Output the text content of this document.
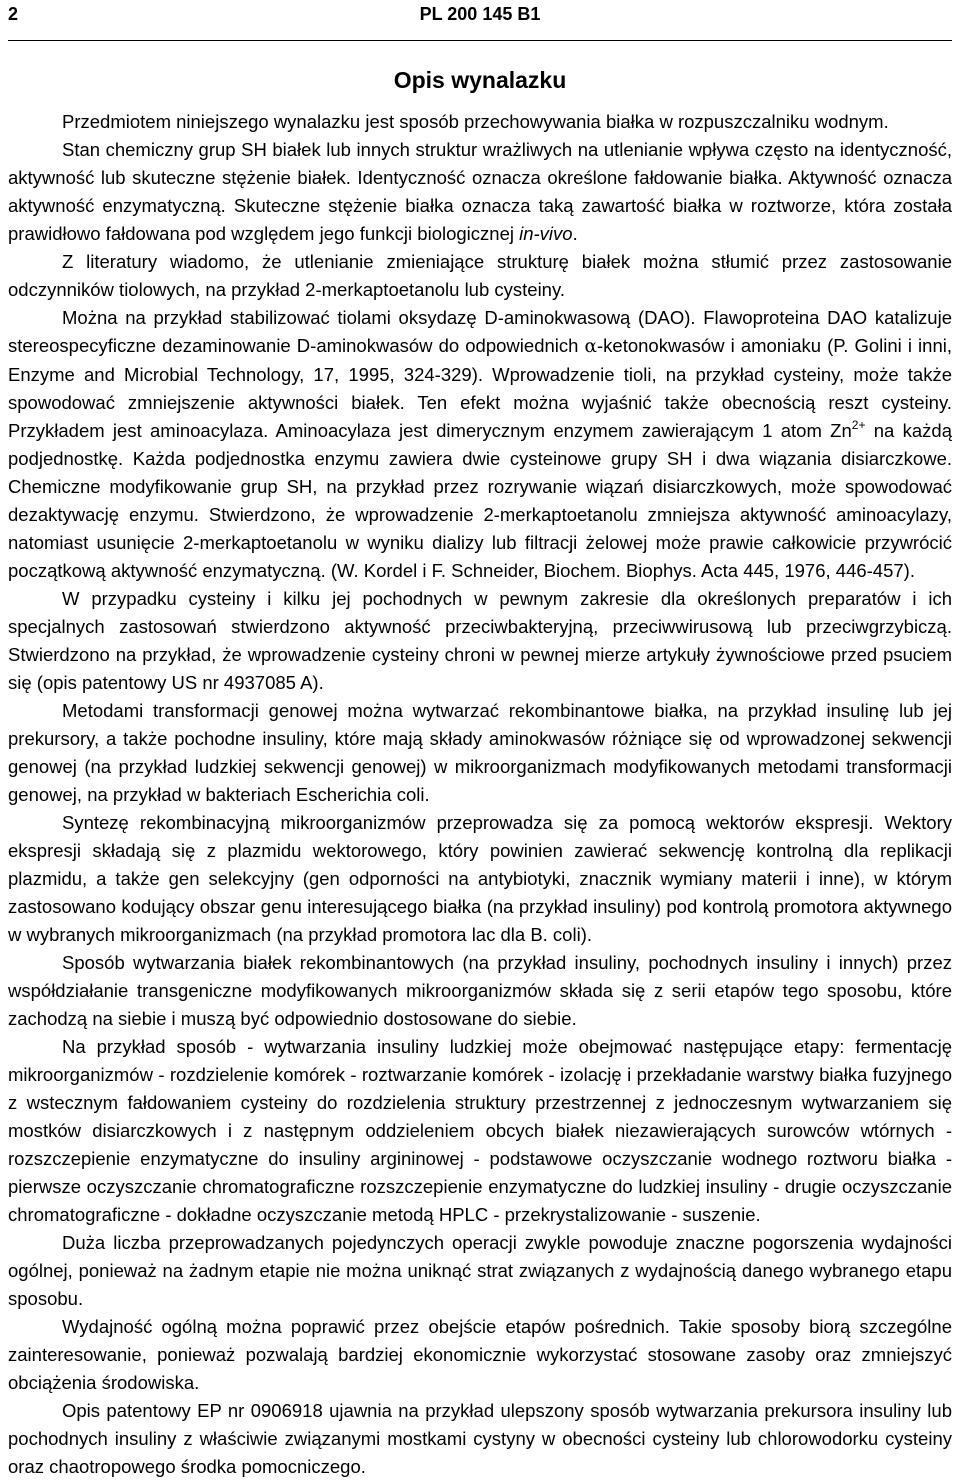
2	PL 200 145 B1
Opis wynalazku

Przedmiotem niniejszego wynalazku jest sposób przechowywania białka w rozpuszczalniku wodnym.

Stan chemiczny grup SH białek lub innych struktur wrażliwych na utlenianie wpływa często na identyczność, aktywność lub skuteczne stężenie białek. Identyczność oznacza określone fałdowanie białka. Aktywność oznacza aktywność enzymatyczną. Skuteczne stężenie białka oznacza taką zawartość białka w roztworze, która została prawidłowo fałdowana pod względem jego funkcji biologicznej in-vivo.

Z literatury wiadomo, że utlenianie zmieniające strukturę białek można stłumić przez zastosowanie odczynników tiolowych, na przykład 2-merkaptoetanolu lub cysteiny.

Można na przykład stabilizować tiolami oksydazę D-aminokwasową (DAO). Flawoproteina DAO katalizuje stereospecyficzne dezaminowanie D-aminokwasów do odpowiednich α-ketonokwasów i amoniaku (P. Golini i inni, Enzyme and Microbial Technology, 17, 1995, 324-329). Wprowadzenie tioli, na przykład cysteiny, może także spowodować zmniejszenie aktywności białek. Ten efekt można wyjaśnić także obecnością reszt cysteiny. Przykładem jest aminoacylaza. Aminoacylaza jest dimerycznym enzymem zawierającym 1 atom $Zn^{2+}$ na każdą podjednostkę. Każda podjednostka enzymu zawiera dwie cysteinowe grupy SH i dwa wiązania disiarczkowe. Chemiczne modyfikowanie grup SH, na przykład przez rozrywanie wiązań disiarczkowych, może spowodować dezaktywację enzymu. Stwierdzono, że wprowadzenie 2-merkaptoetanolu zmniejsza aktywność aminoacylazy, natomiast usunięcie 2-merkaptoetanolu w wyniku dializy lub filtracji żelowej może prawie całkowicie przywrócić początkową aktywność enzymatyczną. (W. Kordel i F. Schneider, Biochem. Biophys. Acta 445, 1976, 446-457).

W przypadku cysteiny i kilku jej pochodnych w pewnym zakresie dla określonych preparatów i ich specjalnych zastosowań stwierdzono aktywność przeciwbakteryjną, przeciwwirusową lub przeciwgrzybiczą. Stwierdzono na przykład, że wprowadzenie cysteiny chroni w pewnej mierze artykuły żywnościowe przed psuciem się (opis patentowy US nr 4937085 A).

Metodami transformacji genowej można wytwarzać rekombinantowe białka, na przykład insulinę lub jej prekursory, a także pochodne insuliny, które mają składy aminokwasów różniące się od wprowadzonej sekwencji genowej (na przykład ludzkiej sekwencji genowej) w mikroorganizmach modyfikowanych metodami transformacji genowej, na przykład w bakteriach Escherichia coli.

Syntezę rekombinacyjną mikroorganizmów przeprowadza się za pomocą wektorów ekspresji. Wektory ekspresji składają się z plazmidu wektorowego, który powinien zawierać sekwencję kontrolną dla replikacji plazmidu, a także gen selekcyjny (gen odporności na antybiotyki, znacznik wymiany materii i inne), w którym zastosowano kodujący obszar genu interesującego białka (na przykład insuliny) pod kontrolą promotora aktywnego w wybranych mikroorganizmach (na przykład promotora lac dla B. coli).

Sposób wytwarzania białek rekombinantowych (na przykład insuliny, pochodnych insuliny i innych) przez współdziałanie transgeniczne modyfikowanych mikroorganizmów składa się z serii etapów tego sposobu, które zachodzą na siebie i muszą być odpowiednio dostosowane do siebie.

Na przykład sposób - wytwarzania insuliny ludzkiej może obejmować następujące etapy: fermentację mikroorganizmów - rozdzielenie komórek - roztwarzanie komórek - izolację i przekładanie warstwy białka fuzyjnego z wstecznym fałdowaniem cysteiny do rozdzielenia struktury przestrzennej z jednoczesnym wytwarzaniem się mostków disiarczkowych i z następnym oddzieleniem obcych białek niezawierających surowców wtórnych - rozszczepienie enzymatyczne do insuliny argininowej - podstawowe oczyszczanie wodnego roztworu białka - pierwsze oczyszczanie chromatograficzne rozszczepienie enzymatyczne do ludzkiej insuliny - drugie oczyszczanie chromatograficzne - dokładne oczyszczanie metodą HPLC - przekrystalizowanie - suszenie.

Duża liczba przeprowadzanych pojedynczych operacji zwykle powoduje znaczne pogorszenia wydajności ogólnej, ponieważ na żadnym etapie nie można uniknąć strat związanych z wydajnością danego wybranego etapu sposobu.

Wydajność ogólną można poprawić przez obejście etapów pośrednich. Takie sposoby biorą szczególne zainteresowanie, ponieważ pozwalają bardziej ekonomicznie wykorzystać stosowane zasoby oraz zmniejszyć obciążenia środowiska.

Opis patentowy EP nr 0906918 ujawnia na przykład ulepszony sposób wytwarzania prekursora insuliny lub pochodnych insuliny z właściwie związanymi mostkami cystyny w obecności cysteiny lub chlorowodorku cysteiny oraz chaotropowego środka pomocniczego.
